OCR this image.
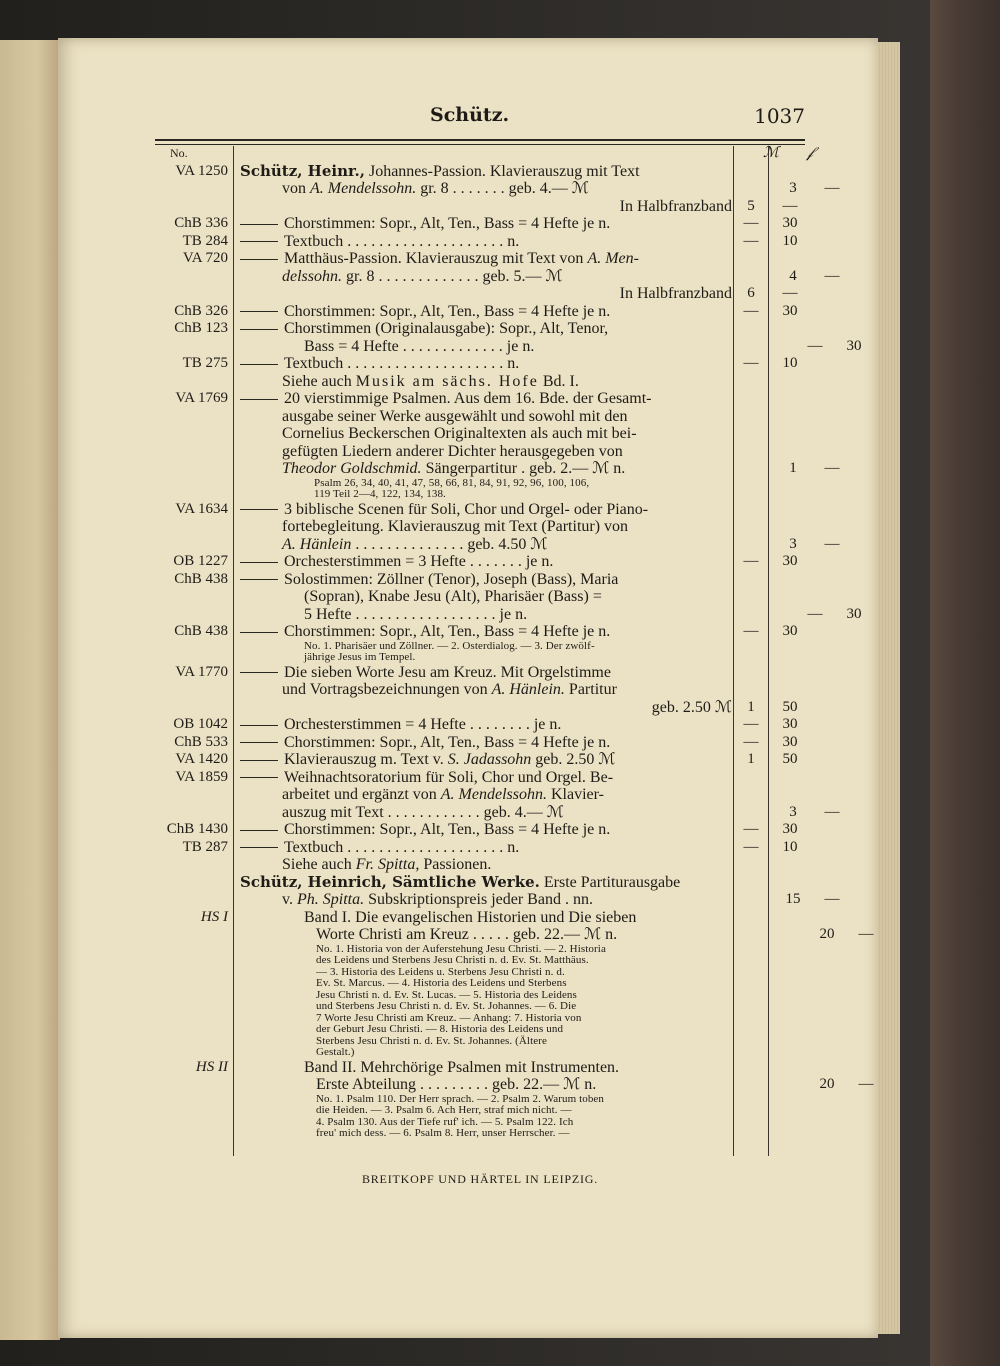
Schütz.	1037
No.	ℳ	𝒻
VA 1250 Schütz, Heinr., Johannes-Passion. Klavierauszug mit Text
von A. Mendelssohn. gr. 8 . . . . . . . geb. 4.— ℳ	3	—
In Halbfranzband	5	—
ChB 336	Chorstimmen: Sopr., Alt, Ten., Bass = 4 Hefte je n.	—	30
TB 284	Textbuch . . . . . . . . . . . . . . . . . . . . n.	—	10
VA 720	Matthäus-Passion. Klavierauszug mit Text von A. Men-
delssohn. gr. 8 . . . . . . . . . . . . . geb. 5.— ℳ	4	—
In Halbfranzband	6	—
ChB 326	Chorstimmen: Sopr., Alt, Ten., Bass = 4 Hefte je n.	—	30
ChB 123	Chorstimmen (Originalausgabe): Sopr., Alt, Tenor,
Bass = 4 Hefte . . . . . . . . . . . . . je n.	—	30
TB 275	Textbuch . . . . . . . . . . . . . . . . . . . . n.	—	10
Siehe auch Musik am sächs. Hofe Bd. I.
VA 1769	20 vierstimmige Psalmen. Aus dem 16. Bde. der Gesamt-
ausgabe seiner Werke ausgewählt und sowohl mit den
Cornelius Beckerschen Originaltexten als auch mit bei-
gefügten Liedern anderer Dichter herausgegeben von
Theodor Goldschmid. Sängerpartitur . geb. 2.— ℳ n.	1	—
Psalm 26, 34, 40, 41, 47, 58, 66, 81, 84, 91, 92, 96, 100, 106,
119 Teil 2—4, 122, 134, 138.
VA 1634	3 biblische Scenen für Soli, Chor und Orgel- oder Piano-
fortebegleitung. Klavierauszug mit Text (Partitur) von
A. Hänlein . . . . . . . . . . . . . . geb. 4.50 ℳ	3	—
OB 1227	Orchesterstimmen = 3 Hefte . . . . . . . je n.	—	30
ChB 438	Solostimmen: Zöllner (Tenor), Joseph (Bass), Maria
(Sopran), Knabe Jesu (Alt), Pharisäer (Bass) =
5 Hefte . . . . . . . . . . . . . . . . . . je n.	—	30
ChB 438	Chorstimmen: Sopr., Alt, Ten., Bass = 4 Hefte je n.	—	30
No. 1. Pharisäer und Zöllner. — 2. Osterdialog. — 3. Der zwölf-
jährige Jesus im Tempel.
VA 1770	Die sieben Worte Jesu am Kreuz. Mit Orgelstimme
und Vortragsbezeichnungen von A. Hänlein. Partitur
geb. 2.50 ℳ	1	50
OB 1042	Orchesterstimmen = 4 Hefte . . . . . . . . je n.	—	30
ChB 533	Chorstimmen: Sopr., Alt, Ten., Bass = 4 Hefte je n.	—	30
VA 1420	Klavierauszug m. Text v. S. Jadassohn geb. 2.50 ℳ	1	50
VA 1859	Weihnachtsoratorium für Soli, Chor und Orgel. Be-
arbeitet und ergänzt von A. Mendelssohn. Klavier-
auszug mit Text . . . . . . . . . . . . geb. 4.— ℳ	3	—
ChB 1430	Chorstimmen: Sopr., Alt, Ten., Bass = 4 Hefte je n.	—	30
TB 287	Textbuch . . . . . . . . . . . . . . . . . . . . n.	—	10
Siehe auch Fr. Spitta, Passionen.
Schütz, Heinrich, Sämtliche Werke. Erste Partiturausgabe
v. Ph. Spitta. Subskriptionspreis jeder Band . nn.	15	—
HS I	Band I. Die evangelischen Historien und Die sieben
Worte Christi am Kreuz . . . . . geb. 22.— ℳ n.	20	—
No. 1. Historia von der Auferstehung Jesu Christi. — 2. Historia
des Leidens und Sterbens Jesu Christi n. d. Ev. St. Matthäus.
— 3. Historia des Leidens u. Sterbens Jesu Christi n. d.
Ev. St. Marcus. — 4. Historia des Leidens und Sterbens
Jesu Christi n. d. Ev. St. Lucas. — 5. Historia des Leidens
und Sterbens Jesu Christi n. d. Ev. St. Johannes. — 6. Die
7 Worte Jesu Christi am Kreuz. — Anhang: 7. Historia von
der Geburt Jesu Christi. — 8. Historia des Leidens und
Sterbens Jesu Christi n. d. Ev. St. Johannes. (Ältere
Gestalt.)
HS II	Band II. Mehrchörige Psalmen mit Instrumenten.
Erste Abteilung . . . . . . . . . geb. 22.— ℳ n.	20	—
No. 1. Psalm 110. Der Herr sprach. — 2. Psalm 2. Warum toben
die Heiden. — 3. Psalm 6. Ach Herr, straf mich nicht. —
4. Psalm 130. Aus der Tiefe ruf' ich. — 5. Psalm 122. Ich
freu' mich dess. — 6. Psalm 8. Herr, unser Herrscher. —
BREITKOPF UND HÄRTEL IN LEIPZIG.
